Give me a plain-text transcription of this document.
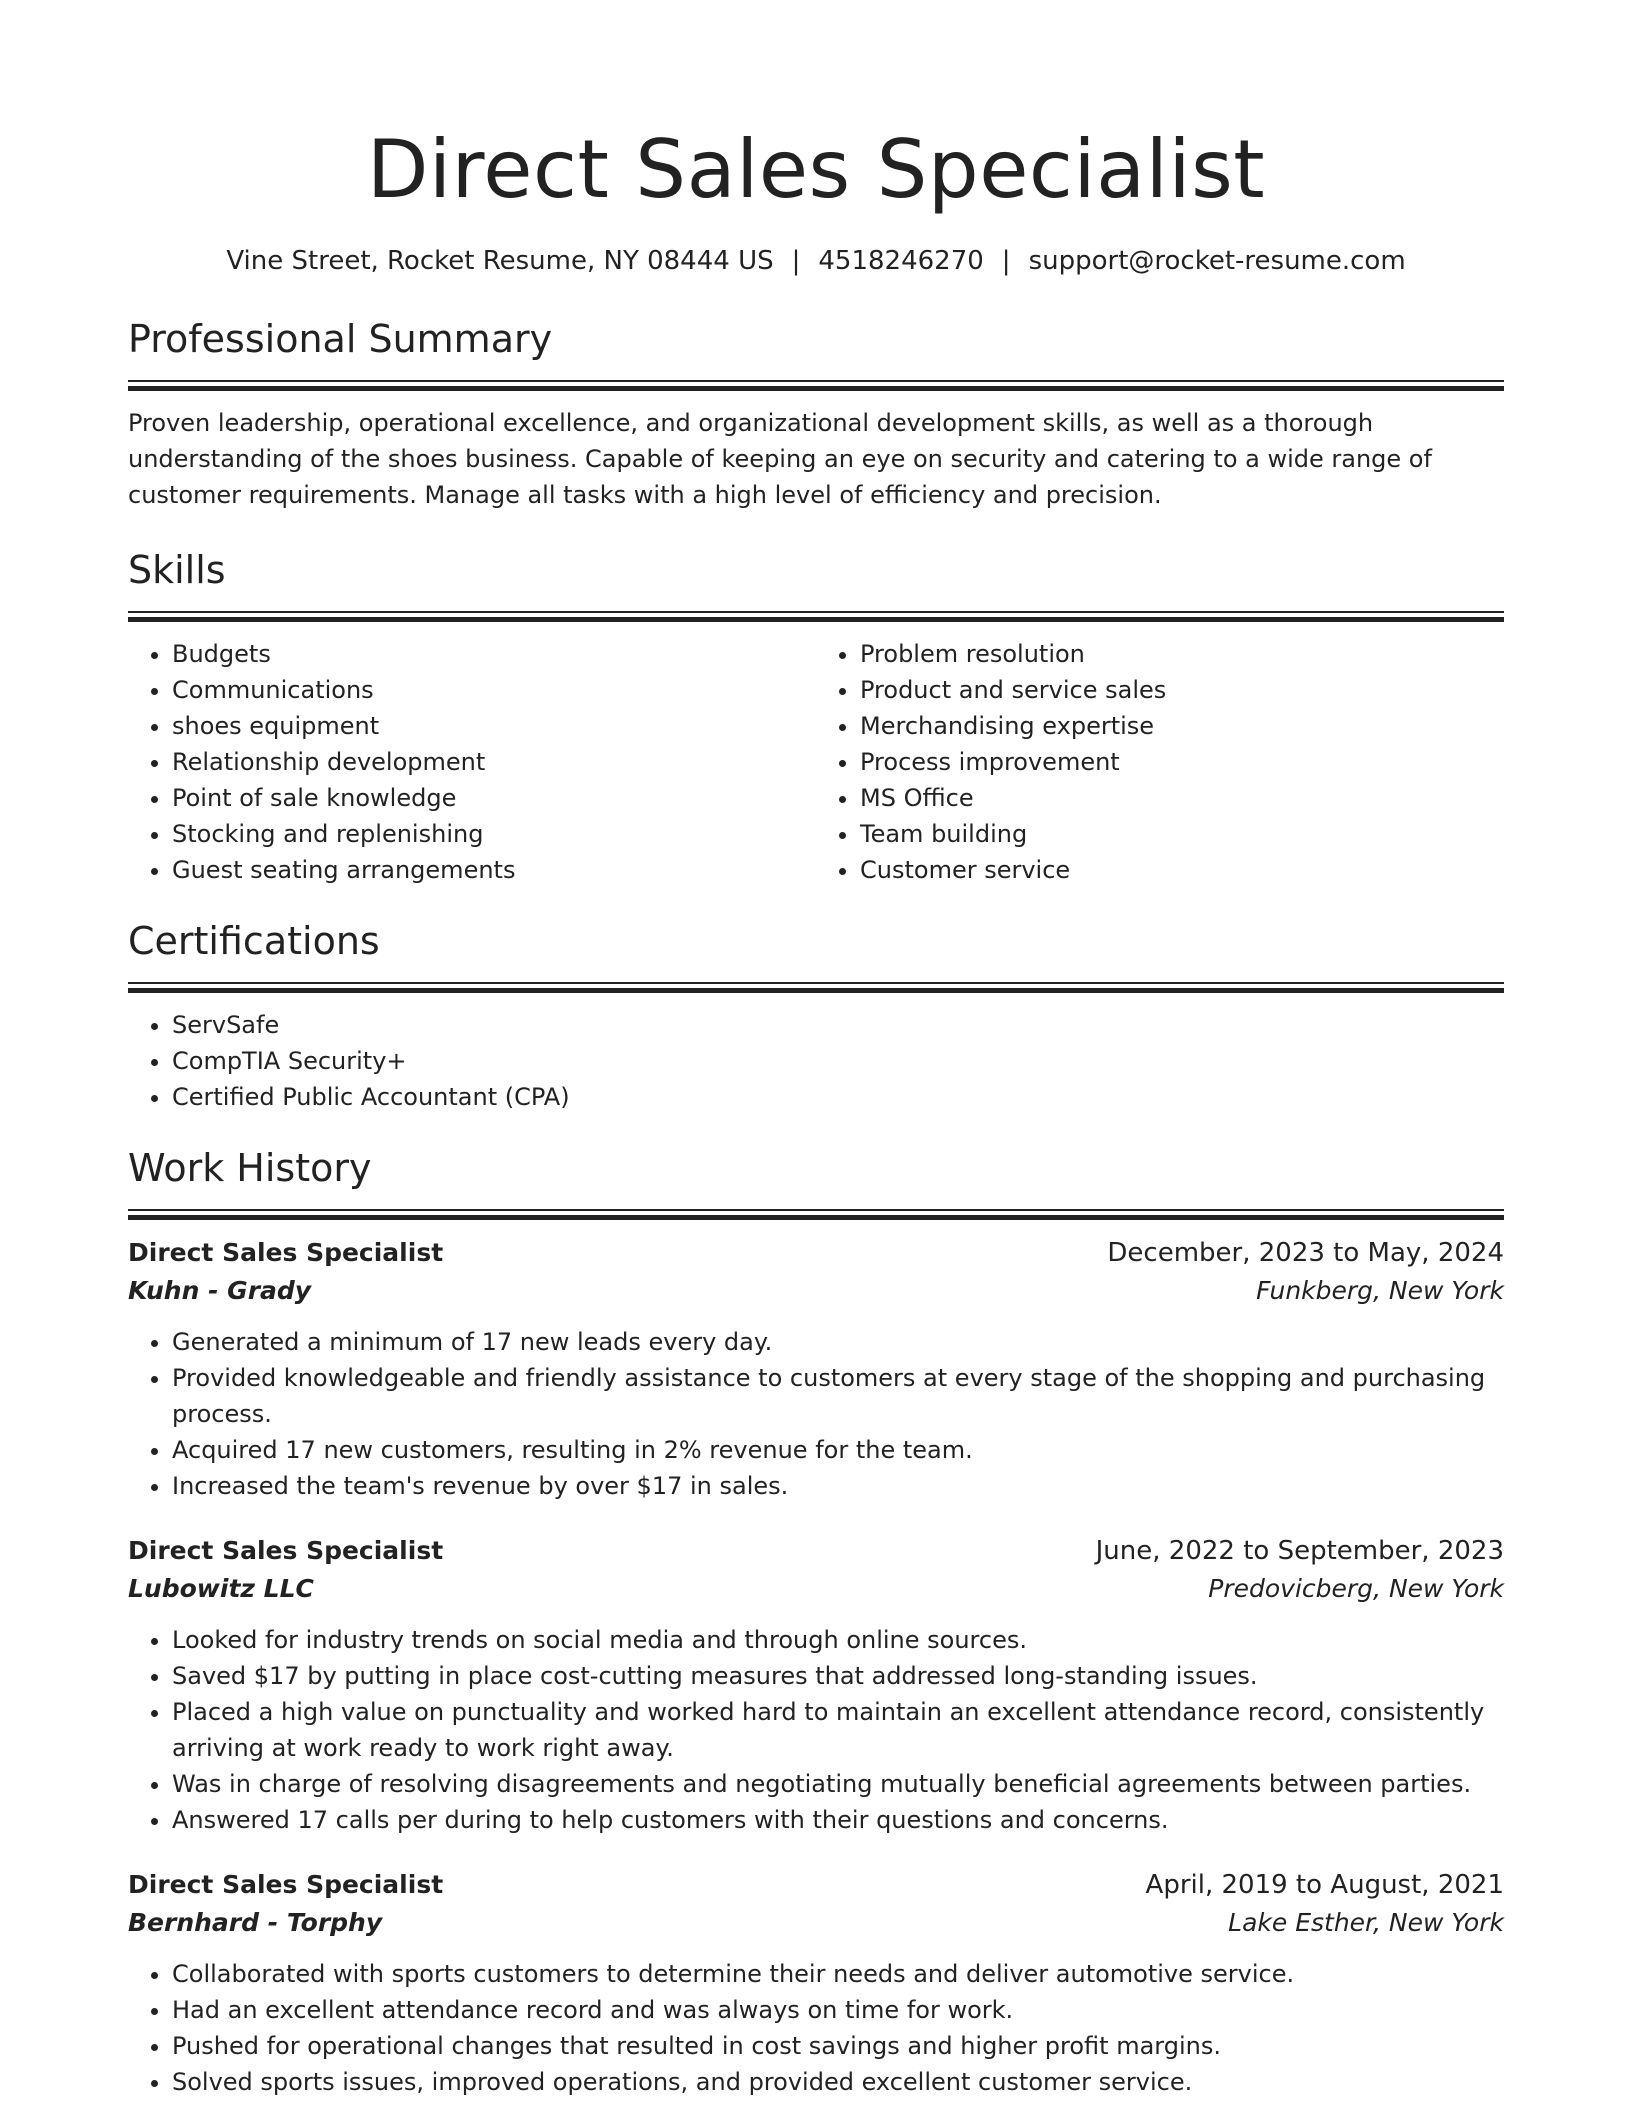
Direct Sales Specialist
Vine Street, Rocket Resume, NY 08444 US | 4518246270 | support@rocket-resume.com
Professional Summary

Proven leadership, operational excellence, and organizational development skills, as well as a thorough understanding of the shoes business. Capable of keeping an eye on security and catering to a wide range of customer requirements. Manage all tasks with a high level of efficiency and precision.

Skills
• Budgets
• Communications
• shoes equipment
• Relationship development
• Point of sale knowledge
• Stocking and replenishing
• Guest seating arrangements
• Problem resolution
• Product and service sales
• Merchandising expertise
• Process improvement
• MS Office
• Team building
• Customer service
Certifications
• ServSafe
• CompTIA Security+
• Certified Public Accountant (CPA)
Work History
Direct Sales Specialist	December, 2023 to May, 2024
Kuhn - Grady	Funkberg, New York
• Generated a minimum of 17 new leads every day.
• Provided knowledgeable and friendly assistance to customers at every stage of the shopping and purchasing process.
• Acquired 17 new customers, resulting in 2% revenue for the team.
• Increased the team's revenue by over $17 in sales.
Direct Sales Specialist	June, 2022 to September, 2023
Lubowitz LLC	Predovicberg, New York
• Looked for industry trends on social media and through online sources.
• Saved $17 by putting in place cost-cutting measures that addressed long-standing issues.
• Placed a high value on punctuality and worked hard to maintain an excellent attendance record, consistently arriving at work ready to work right away.
• Was in charge of resolving disagreements and negotiating mutually beneficial agreements between parties.
• Answered 17 calls per during to help customers with their questions and concerns.
Direct Sales Specialist	April, 2019 to August, 2021
Bernhard - Torphy	Lake Esther, New York
• Collaborated with sports customers to determine their needs and deliver automotive service.
• Had an excellent attendance record and was always on time for work.
• Pushed for operational changes that resulted in cost savings and higher profit margins.
• Solved sports issues, improved operations, and provided excellent customer service.
